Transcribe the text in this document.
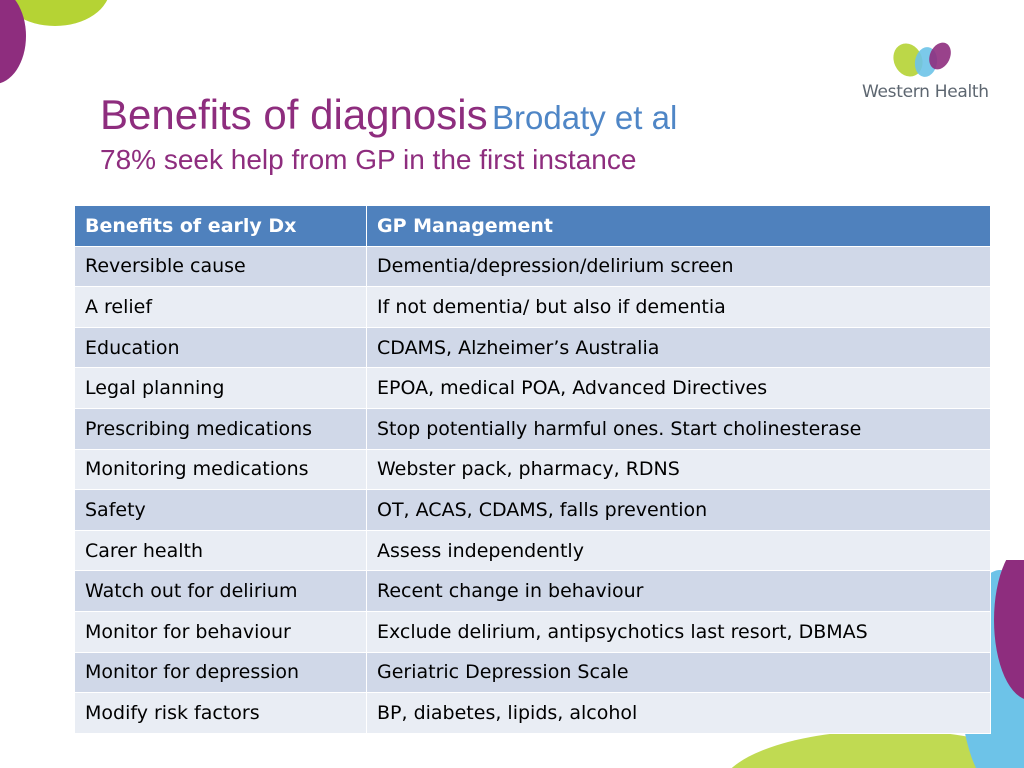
Western Health
Benefits of diagnosis Brodaty et al
78% seek help from GP in the first instance
Benefits of early Dx	GP Management
Reversible cause	Dementia/depression/delirium screen
A relief	If not dementia/ but also if dementia
Education	CDAMS, Alzheimer’s Australia
Legal planning	EPOA, medical POA, Advanced Directives
Prescribing medications	Stop potentially harmful ones. Start cholinesterase
Monitoring medications	Webster pack, pharmacy, RDNS
Safety	OT, ACAS, CDAMS, falls prevention
Carer health	Assess independently
Watch out for delirium	Recent change in behaviour
Monitor for behaviour	Exclude delirium, antipsychotics last resort, DBMAS
Monitor for depression	Geriatric Depression Scale
Modify risk factors	BP, diabetes, lipids, alcohol
